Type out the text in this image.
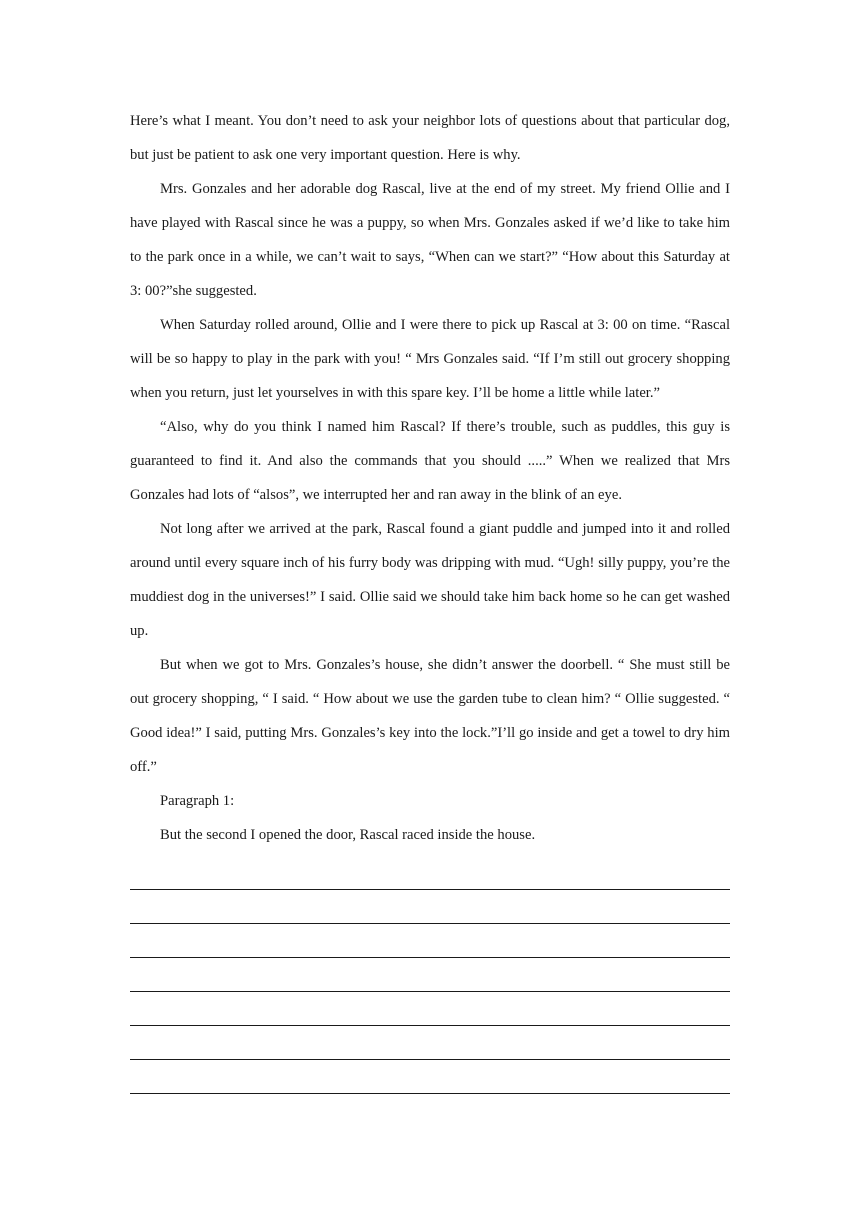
Here’s what I meant. You don’t need to ask your neighbor lots of questions about that particular dog, but just be patient to ask one very important question. Here is why.

Mrs. Gonzales and her adorable dog Rascal, live at the end of my street. My friend Ollie and I have played with Rascal since he was a puppy, so when Mrs. Gonzales asked if we’d like to take him to the park once in a while, we can’t wait to says, “When can we start?” “How about this Saturday at 3: 00?”she suggested.

When Saturday rolled around, Ollie and I were there to pick up Rascal at 3: 00 on time. “Rascal will be so happy to play in the park with you! “ Mrs Gonzales said. “If I’m still out grocery shopping when you return, just let yourselves in with this spare key. I’ll be home a little while later.”

“Also, why do you think I named him Rascal? If there’s trouble, such as puddles, this guy is guaranteed to find it. And also the commands that you should .....” When we realized that Mrs Gonzales had lots of “alsos”, we interrupted her and ran away in the blink of an eye.

Not long after we arrived at the park, Rascal found a giant puddle and jumped into it and rolled around until every square inch of his furry body was dripping with mud. “Ugh! silly puppy, you’re the muddiest dog in the universes!” I said. Ollie said we should take him back home so he can get washed up.

But when we got to Mrs. Gonzales’s house, she didn’t answer the doorbell. “ She must still be out grocery shopping, “ I said. “ How about we use the garden tube to clean him? “ Ollie suggested. “ Good idea!” I said, putting Mrs. Gonzales’s key into the lock.”I’ll go inside and get a towel to dry him off.”

Paragraph 1:

But the second I opened the door, Rascal raced inside the house.
